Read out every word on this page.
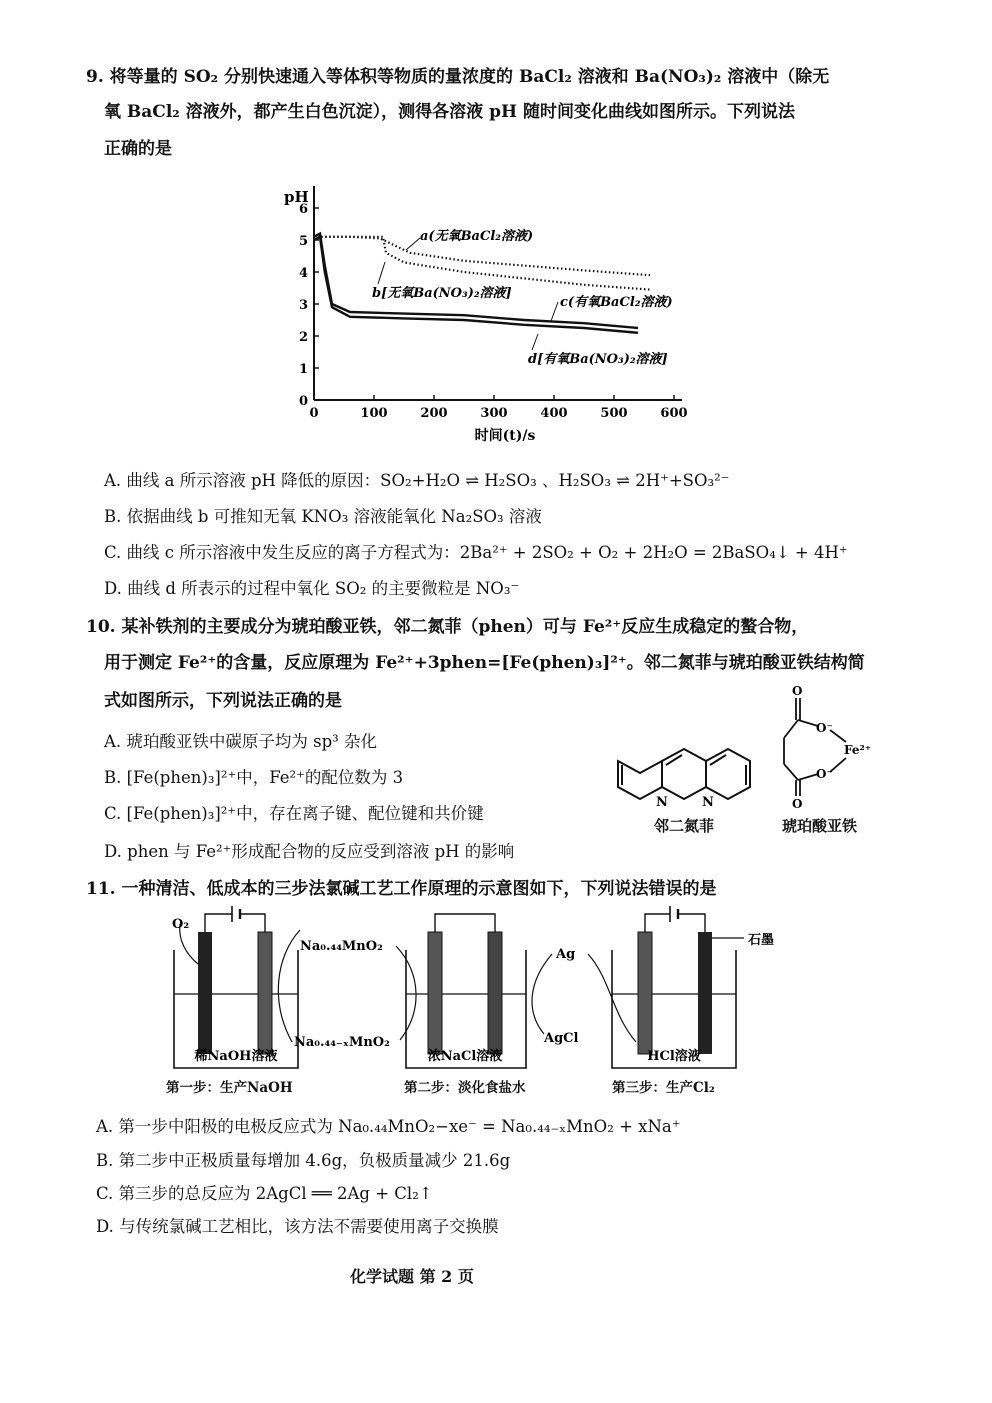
9. 将等量的 SO₂ 分别快速通入等体积等物质的量浓度的 BaCl₂ 溶液和 Ba(NO₃)₂ 溶液中（除无
氧 BaCl₂ 溶液外，都产生白色沉淀），测得各溶液 pH 随时间变化曲线如图所示。下列说法
正确的是
0	100	200	300	400	500	600
0
1
2
3
4
5
6
pH
时间(t)/s
a(无氧BaCl₂溶液)
b[无氧Ba(NO₃)₂溶液]
c(有氧BaCl₂溶液)
d[有氧Ba(NO₃)₂溶液]
A. 曲线 a 所示溶液 pH 降低的原因：SO₂+H₂O ⇌ H₂SO₃ 、H₂SO₃ ⇌ 2H⁺+SO₃²⁻
B. 依据曲线 b 可推知无氧 KNO₃ 溶液能氧化 Na₂SO₃ 溶液
C. 曲线 c 所示溶液中发生反应的离子方程式为：2Ba²⁺ + 2SO₂ + O₂ + 2H₂O = 2BaSO₄↓ + 4H⁺
D. 曲线 d 所表示的过程中氧化 SO₂ 的主要微粒是 NO₃⁻
10. 某补铁剂的主要成分为琥珀酸亚铁，邻二氮菲（phen）可与 Fe²⁺反应生成稳定的螯合物，
用于测定 Fe²⁺的含量，反应原理为 Fe²⁺+3phen=[Fe(phen)₃]²⁺。邻二氮菲与琥珀酸亚铁结构简
式如图所示，下列说法正确的是
A. 琥珀酸亚铁中碳原子均为 sp³ 杂化
B. [Fe(phen)₃]²⁺中，Fe²⁺的配位数为 3
C. [Fe(phen)₃]²⁺中，存在离子键、配位键和共价键
D. phen 与 Fe²⁺形成配合物的反应受到溶液 pH 的影响
N	N
邻二氮菲
O
O⁻
Fe²⁺
O⁻
O
琥珀酸亚铁
11. 一种清洁、低成本的三步法氯碱工艺工作原理的示意图如下，下列说法错误的是
O₂
Na₀.₄₄MnO₂
Na₀.₄₄₋ₓMnO₂
Ag
AgCl
石墨
稀NaOH溶液	浓NaCl溶液	HCl溶液
第一步：生产NaOH	第二步：淡化食盐水	第三步：生产Cl₂
A. 第一步中阳极的电极反应式为 Na₀.₄₄MnO₂−xe⁻ = Na₀.₄₄₋ₓMnO₂ + xNa⁺
B. 第二步中正极质量每增加 4.6g，负极质量减少 21.6g
C. 第三步的总反应为 2AgCl ══ 2Ag + Cl₂↑
D. 与传统氯碱工艺相比，该方法不需要使用离子交换膜
化学试题 第 2 页
